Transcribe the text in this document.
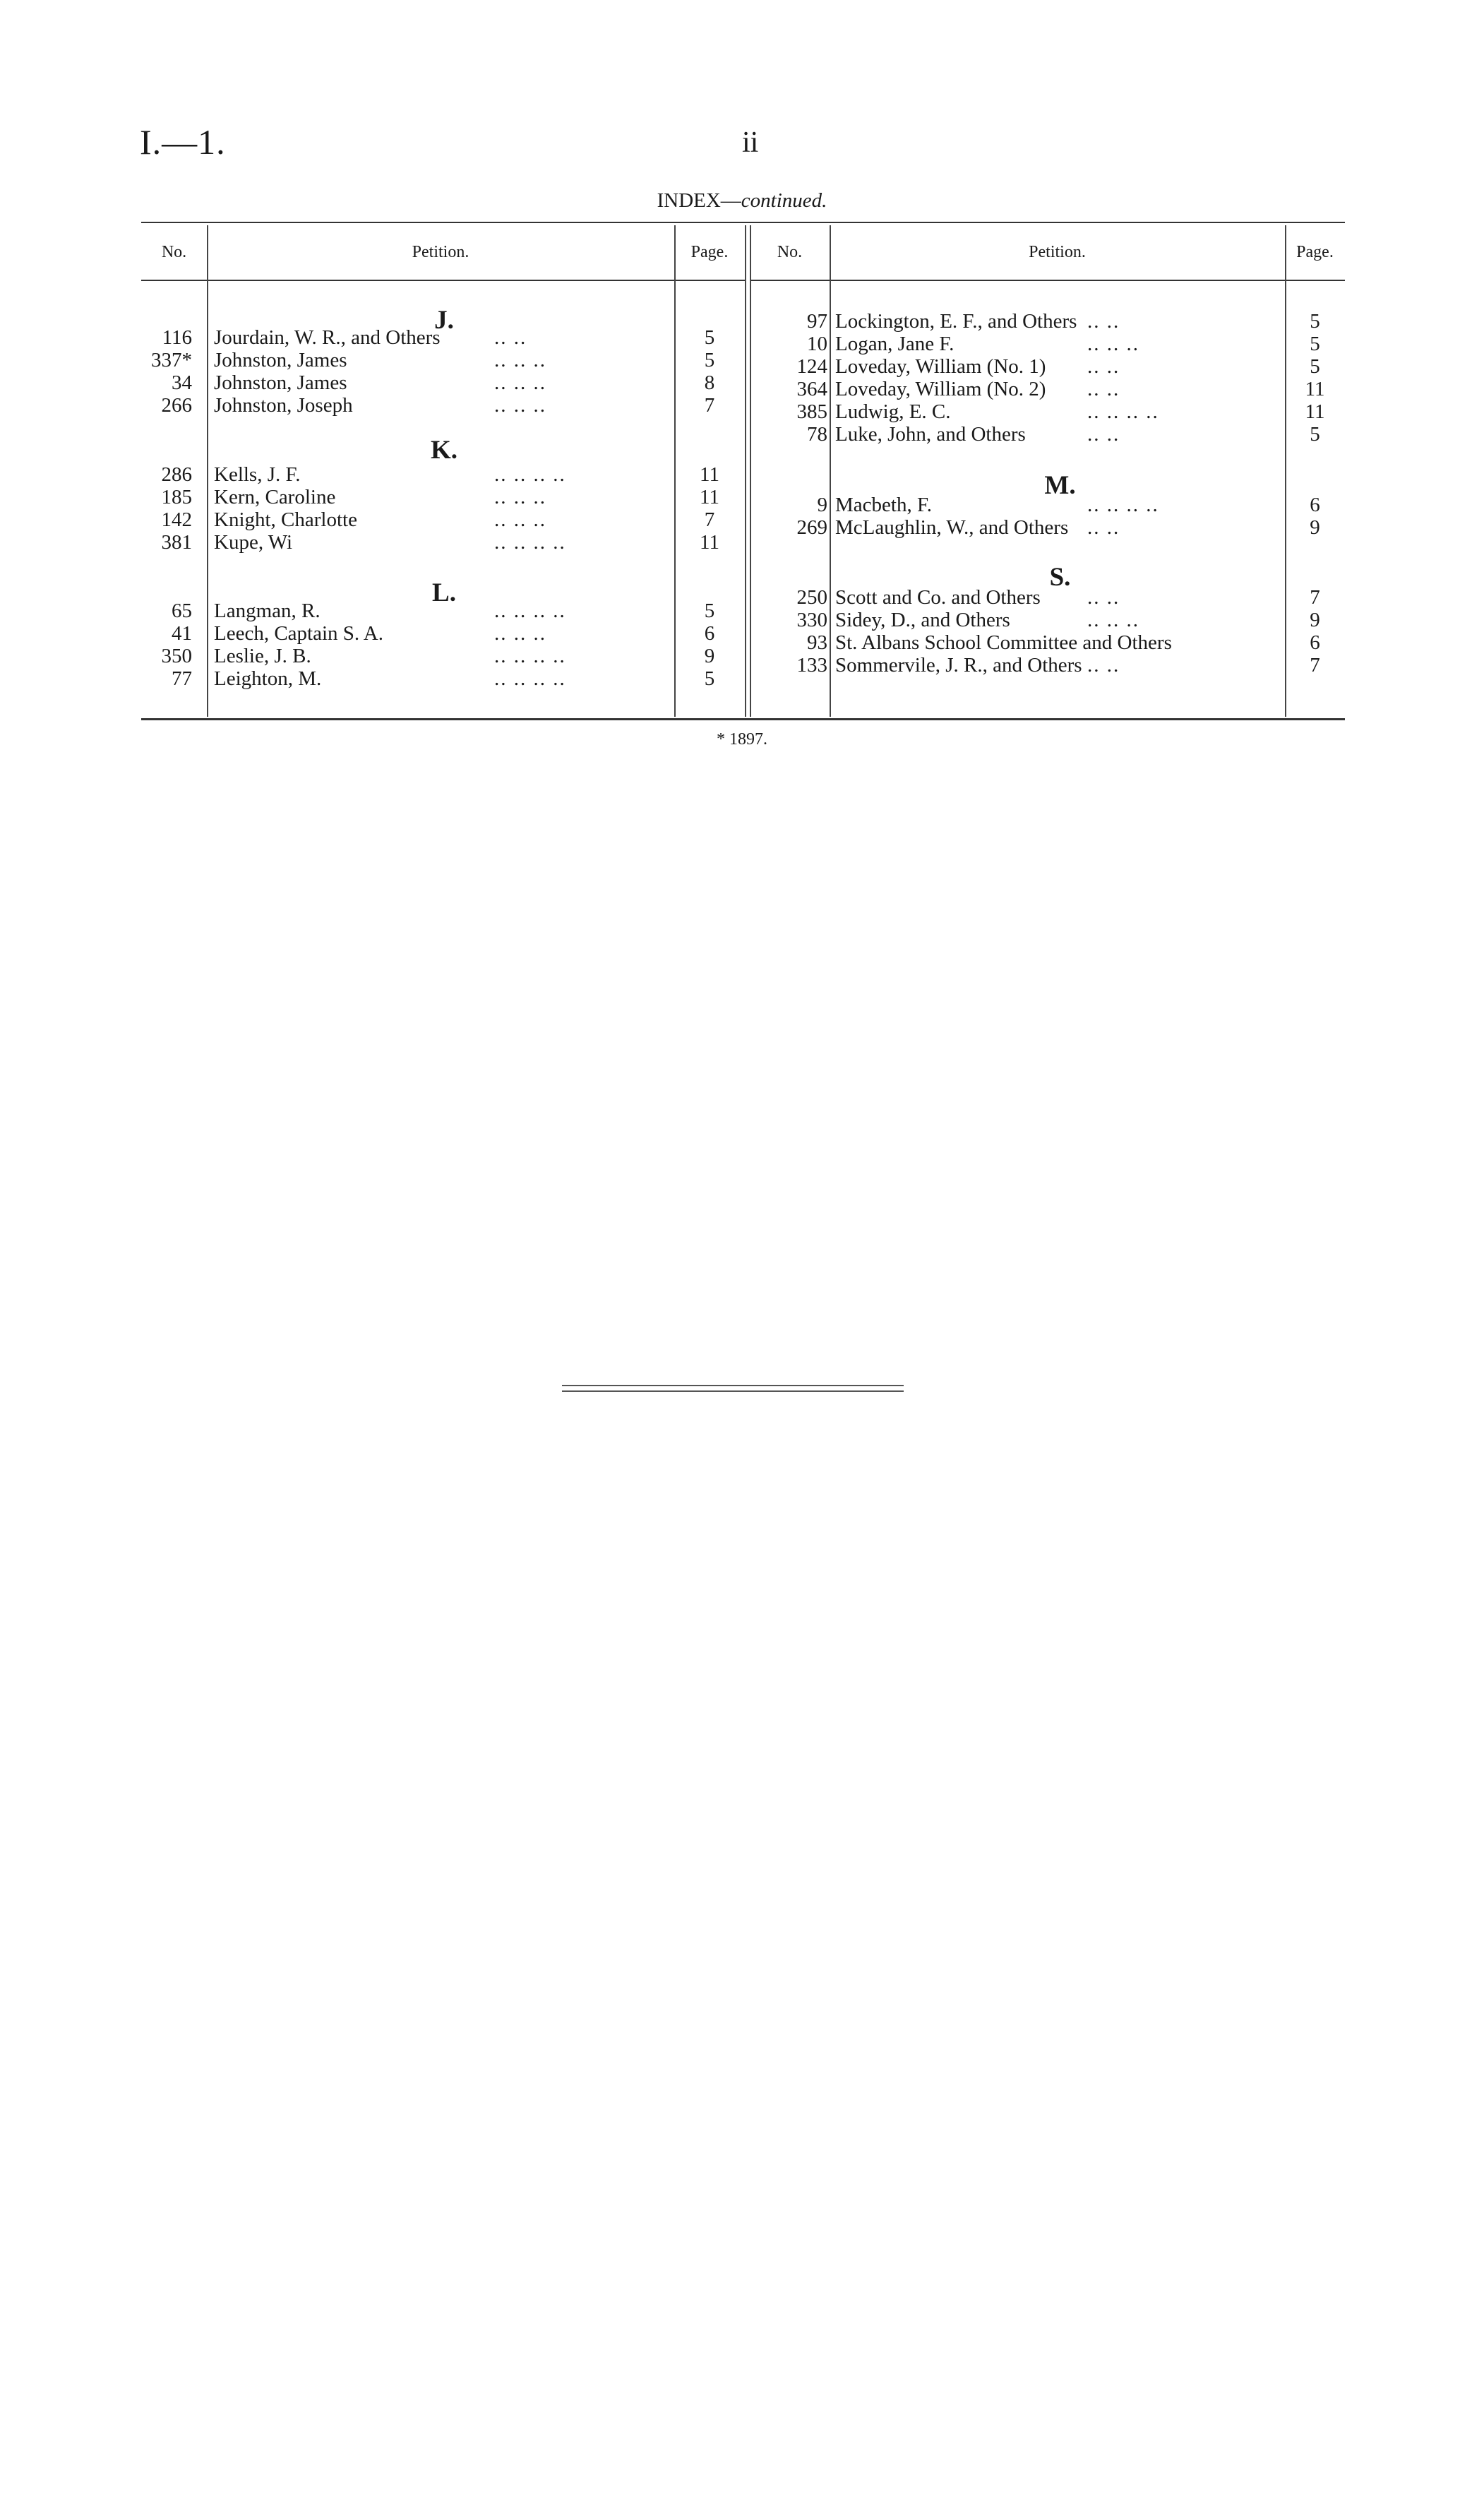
I.—1.	ii
INDEX—continued.
No.	Petition.	Page.	No.	Petition.	Page.
J.
116 Jourdain, W. R., and Others	.. ..	5
337* Johnston, James	.. .. ..	5
34 Johnston, James	.. .. ..	8
266 Johnston, Joseph	.. .. ..	7
K.
286 Kells, J. F.	.. .. .. ..	11
185 Kern, Caroline	.. .. ..	11
142 Knight, Charlotte	.. .. ..	7
381 Kupe, Wi	.. .. .. ..	11
L.
65 Langman, R.	.. .. .. ..	5
41 Leech, Captain S. A.	.. .. ..	6
350 Leslie, J. B.	.. .. .. ..	9
77 Leighton, M.	.. .. .. ..	5
97 Lockington, E. F., and Others .. ..	5
10 Logan, Jane F.	.. .. ..	5
124 Loveday, William (No. 1) .. ..	5
364 Loveday, William (No. 2) .. ..	11
385 Ludwig, E. C.	.. .. .. ..	11
78 Luke, John, and Others	.. ..	5
M.
9 Macbeth, F.	.. .. .. ..	6
269 McLaughlin, W., and Others .. ..	9
S.
250 Scott and Co. and Others .. ..	7
330 Sidey, D., and Others	.. .. ..	9
93 St. Albans School Committee and Others	6
133 Sommervile, J. R., and Others .. ..	7
* 1897.
